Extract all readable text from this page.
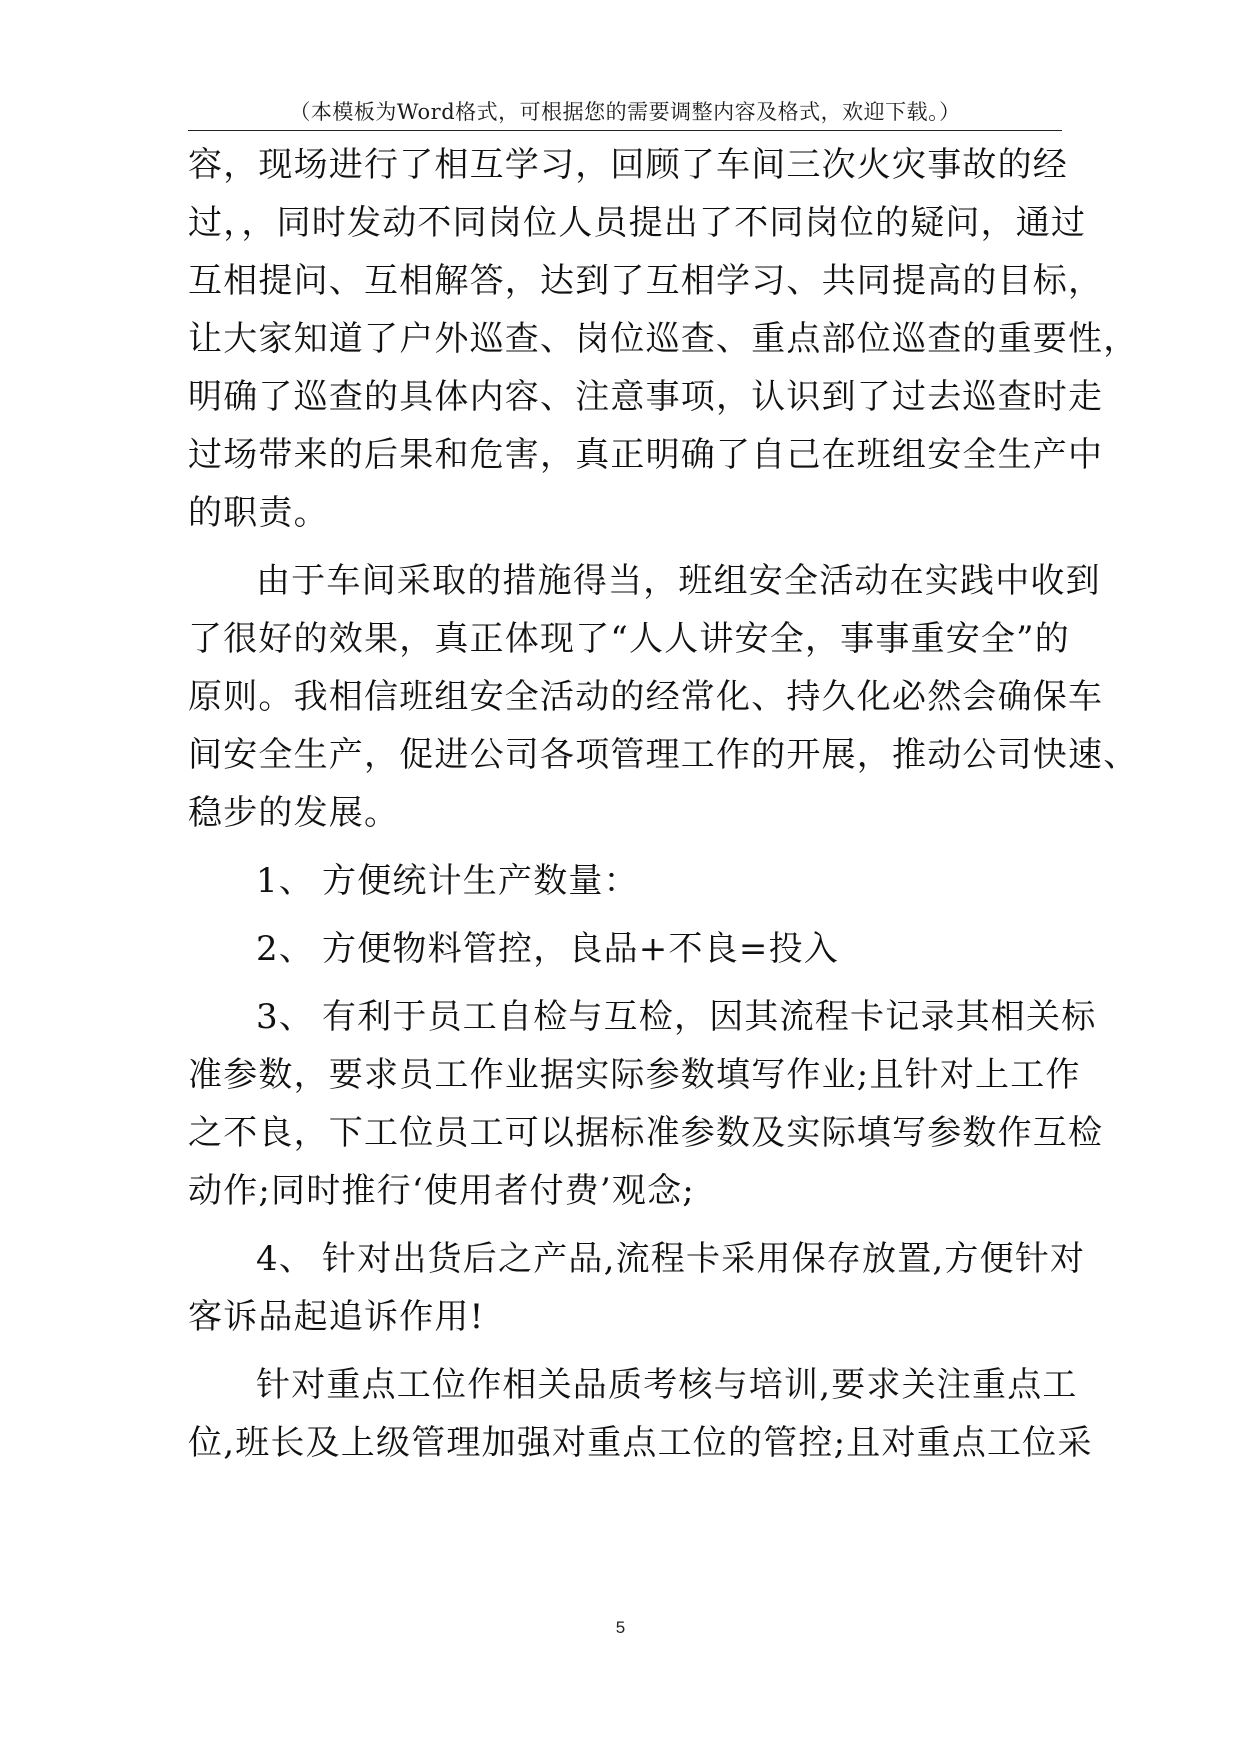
（本模板为Word格式，可根据您的需要调整内容及格式，欢迎下载。）
容，现场进行了相互学习，回顾了车间三次火灾事故的经
过，，同时发动不同岗位人员提出了不同岗位的疑问，通过
互相提问、互相解答，达到了互相学习、共同提高的目标，
让大家知道了户外巡查、岗位巡查、重点部位巡查的重要性，
明确了巡查的具体内容、注意事项，认识到了过去巡查时走
过场带来的后果和危害，真正明确了自己在班组安全生产中
的职责。
由于车间采取的措施得当，班组安全活动在实践中收到
了很好的效果，真正体现了“人人讲安全，事事重安全”的
原则。我相信班组安全活动的经常化、持久化必然会确保车
间安全生产，促进公司各项管理工作的开展，推动公司快速、
稳步的发展。
1、 方便统计生产数量：
2、 方便物料管控，良品+不良=投入
3、 有利于员工自检与互检，因其流程卡记录其相关标
准参数，要求员工作业据实际参数填写作业;且针对上工作
之不良，下工位员工可以据标准参数及实际填写参数作互检
动作;同时推行‘使用者付费’观念;
4、 针对出货后之产品,流程卡采用保存放置,方便针对
客诉品起追诉作用!
针对重点工位作相关品质考核与培训,要求关注重点工
位,班长及上级管理加强对重点工位的管控;且对重点工位采
5
